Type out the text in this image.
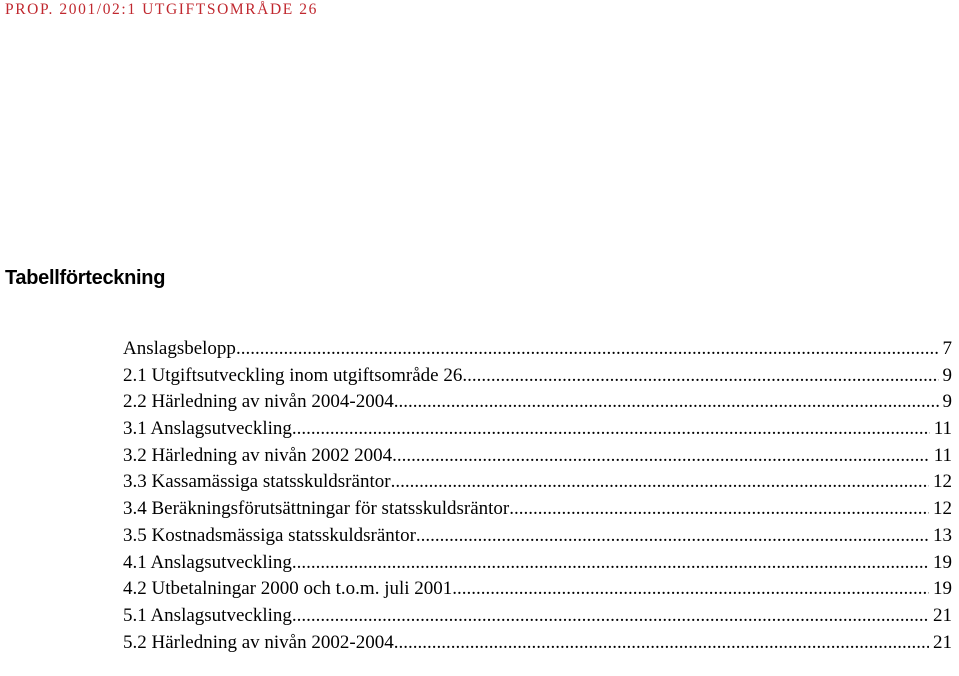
PROP. 2001/02:1 UTGIFTSOMRÅDE 26
Tabellförteckning
Anslagsbelopp .....	7
2.1 Utgiftsutveckling inom utgiftsområde 26 .....	9
2.2 Härledning av nivån 2004-2004 .....	9
3.1 Anslagsutveckling .....	11
3.2 Härledning av nivån 2002 2004 .....	11
3.3 Kassamässiga statsskuldsräntor .....	12
3.4 Beräkningsförutsättningar för statsskuldsräntor .....	12
3.5 Kostnadsmässiga statsskuldsräntor .....	13
4.1 Anslagsutveckling .....	19
4.2 Utbetalningar 2000 och t.o.m. juli 2001 .....	19
5.1 Anslagsutveckling .....	21
5.2 Härledning av nivån 2002-2004 .....	21
